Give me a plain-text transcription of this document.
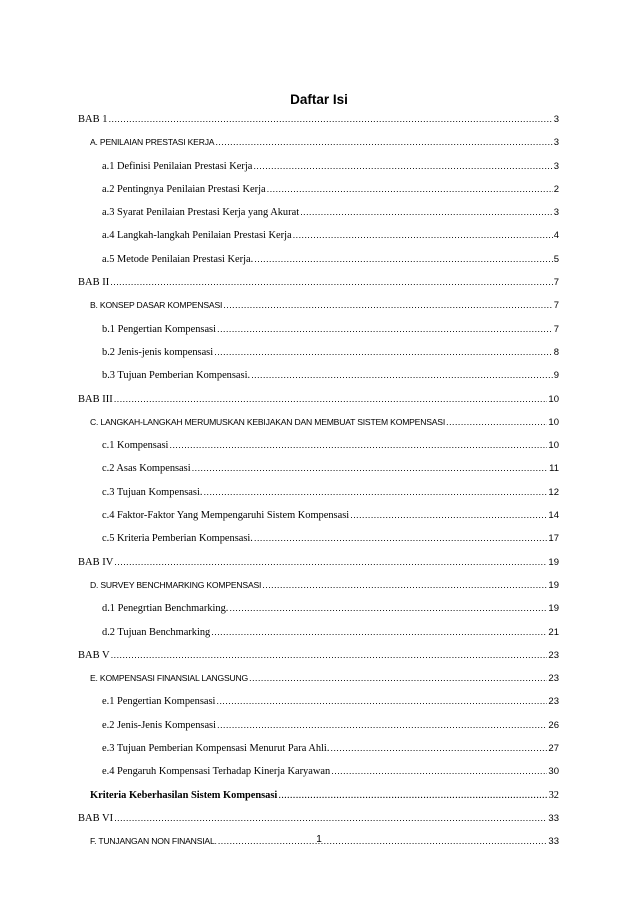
Daftar Isi
BAB 1 .....	3
A. PENILAIAN PRESTASI KERJA .....	3
a.1 Definisi Penilaian Prestasi Kerja .....	3
a.2 Pentingnya Penilaian Prestasi Kerja .....	2
a.3 Syarat Penilaian Prestasi Kerja yang Akurat .....	3
a.4 Langkah-langkah Penilaian Prestasi Kerja .....	4
a.5 Metode Penilaian Prestasi Kerja. .....	5
BAB II .....	7
B. KONSEP DASAR KOMPENSASI .....	7
b.1 Pengertian Kompensasi .....	7
b.2 Jenis-jenis kompensasi .....	8
b.3 Tujuan Pemberian Kompensasi. .....	9
BAB III .....	10
C. LANGKAH-LANGKAH MERUMUSKAN KEBIJAKAN DAN MEMBUAT SISTEM KOMPENSASI .....	10
c.1 Kompensasi .....	10
c.2 Asas Kompensasi .....	11
c.3 Tujuan Kompensasi. .....	12
c.4 Faktor-Faktor Yang Mempengaruhi Sistem Kompensasi .....	14
c.5 Kriteria Pemberian Kompensasi. .....	17
BAB IV .....	19
D. SURVEY BENCHMARKING KOMPENSASI .....	19
d.1 Penegrtian Benchmarking. .....	19
d.2 Tujuan Benchmarking .....	21
BAB V .....	23
E. KOMPENSASI FINANSIAL LANGSUNG .....	23
e.1 Pengertian Kompensasi .....	23
e.2 Jenis-Jenis Kompensasi .....	26
e.3 Tujuan Pemberian Kompensasi Menurut Para Ahli. .....	27
e.4 Pengaruh Kompensasi Terhadap Kinerja Karyawan .....	30
Kriteria Keberhasilan Sistem Kompensasi .....	32
BAB VI .....	33
F. TUNJANGAN NON FINANSIAL. .....	33
1
